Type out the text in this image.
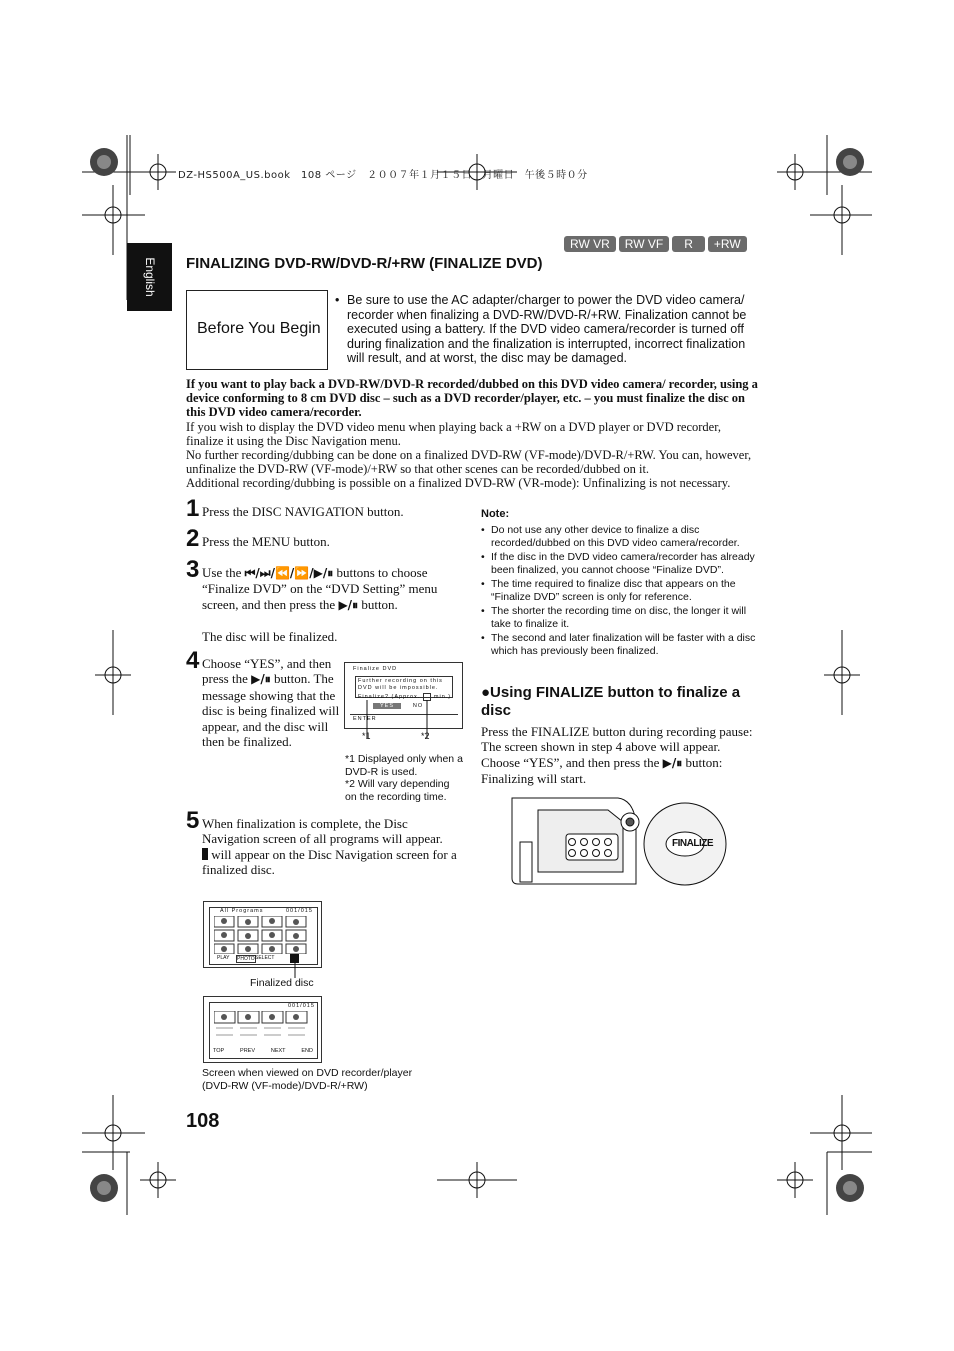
DZ-HS500A_US.book　108 ページ　２００７年１月１５日　月曜日　午後５時０分
English
RW VR	RW VF	R	+RW
FINALIZING DVD-RW/DVD-R/+RW (FINALIZE DVD)
Before You Begin
• Be sure to use the AC adapter/charger to power the DVD video camera/ recorder when finalizing a DVD-RW/DVD-R/+RW. Finalization cannot be executed using a battery. If the DVD video camera/recorder is turned off during finalization and the finalization is interrupted, incorrect finalization will result, and at worst, the disc may be damaged.
If you want to play back a DVD-RW/DVD-R recorded/dubbed on this DVD video camera/ recorder, using a device conforming to 8 cm DVD disc – such as a DVD recorder/player, etc. – you must finalize the disc on this DVD video camera/recorder.
If you wish to display the DVD video menu when playing back a +RW on a DVD player or DVD recorder, finalize it using the Disc Navigation menu.
No further recording/dubbing can be done on a finalized DVD-RW (VF-mode)/DVD-R/+RW. You can, however, unfinalize the DVD-RW (VF-mode)/+RW so that other scenes can be recorded/dubbed on it.
Additional recording/dubbing is possible on a finalized DVD-RW (VR-mode): Unfinalizing is not necessary.
1 Press the DISC NAVIGATION button.
2 Press the MENU button.
3 Use the ⏮/⏭/⏪/⏩/▶/⏸ buttons to choose “Finalize DVD” on the “DVD Setting” menu screen, and then press the ▶/⏸ button.

The disc will be finalized.
4 Choose “YES”, and then press the ▶/⏸ button. The message showing that the disc is being finalized will appear, and the disc will then be finalized.
Finalize DVD
Further recording on this
DVD will be impossible.
Finalize? (Approx. min.)
YES	NO
ENTER
*1	*2
*1 Displayed only when a DVD-R is used.
*2 Will vary depending on the recording time.
5 When finalization is complete, the Disc Navigation screen of all programs will appear.
will appear on the Disc Navigation screen for a finalized disc.
All Programs	001/015
PLAY PHOTO SELECT
Finalized disc
001/015
TOP	PREV	NEXT	END
Screen when viewed on DVD recorder/player (DVD-RW (VF-mode)/DVD-R/+RW)
Note:
• Do not use any other device to finalize a disc recorded/dubbed on this DVD video camera/recorder.
• If the disc in the DVD video camera/recorder has already been finalized, you cannot choose “Finalize DVD”.
• The time required to finalize disc that appears on the “Finalize DVD” screen is only for reference.
• The shorter the recording time on disc, the longer it will take to finalize it.
• The second and later finalization will be faster with a disc which has previously been finalized.
●Using FINALIZE button to finalize a disc
Press the FINALIZE button during recording pause: The screen shown in step 4 above will appear. Choose “YES”, and then press the ▶/⏸ button: Finalizing will start.
FINALIZE
108
